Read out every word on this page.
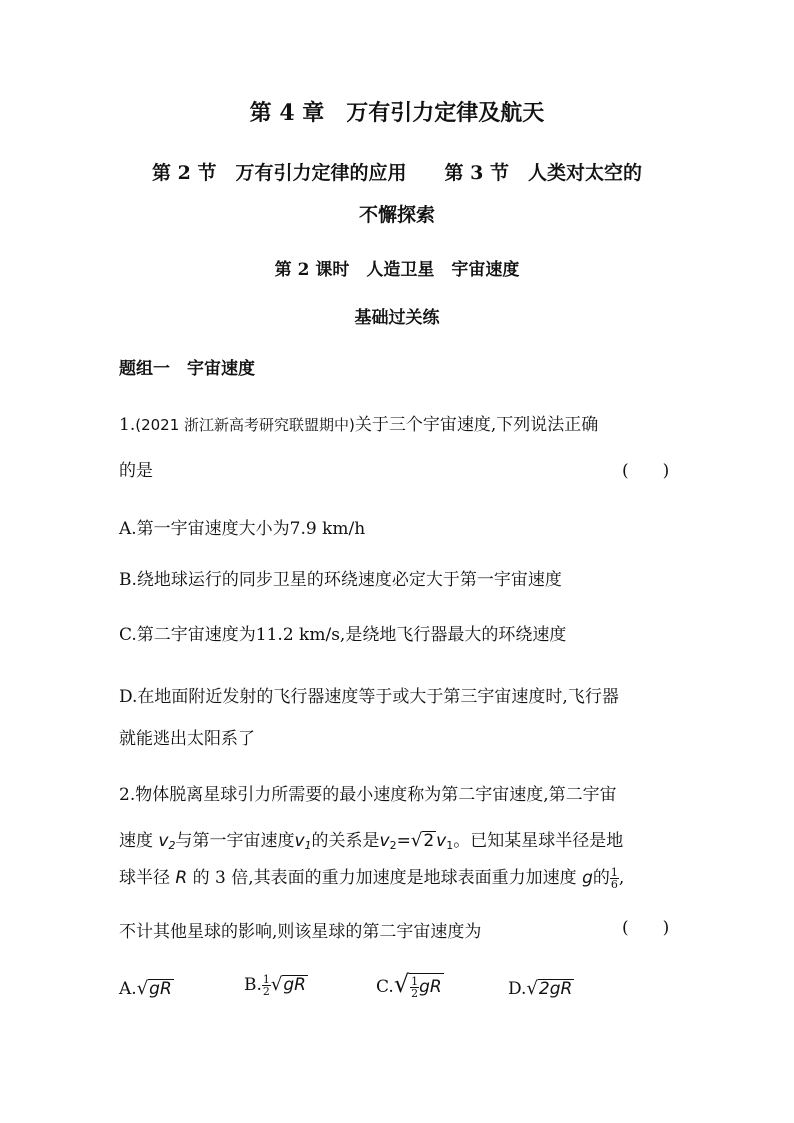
第 4 章　万有引力定律及航天
第 2 节　万有引力定律的应用　　第 3 节　人类对太空的
不懈探索
第 2 课时　人造卫星　宇宙速度
基础过关练
题组一　宇宙速度
1.(2021 浙江新高考研究联盟期中)关于三个宇宙速度,下列说法正确
的是	(　　)
A.第一宇宙速度大小为7.9 km/h
B.绕地球运行的同步卫星的环绕速度必定大于第一宇宙速度
C.第二宇宙速度为11.2 km/s,是绕地飞行器最大的环绕速度
D.在地面附近发射的飞行器速度等于或大于第三宇宙速度时,飞行器
就能逃出太阳系了
2.物体脱离星球引力所需要的最小速度称为第二宇宙速度,第二宇宙
速度 $v_2$与第一宇宙速度$v_1$的关系是$v_2=√2$ $v_1$。已知某星球半径是地
球半径 R 的 3 倍,其表面的重力加速度是地球表面重力加速度 g的 $\frac{1}{6}$ ,
不计其他星球的影响,则该星球的第二宇宙速度为	(　　)
A.√gR	B. $\frac{1}{2} √gR$	$C.√ \frac{1}{2}$ gR	D.√2gR
